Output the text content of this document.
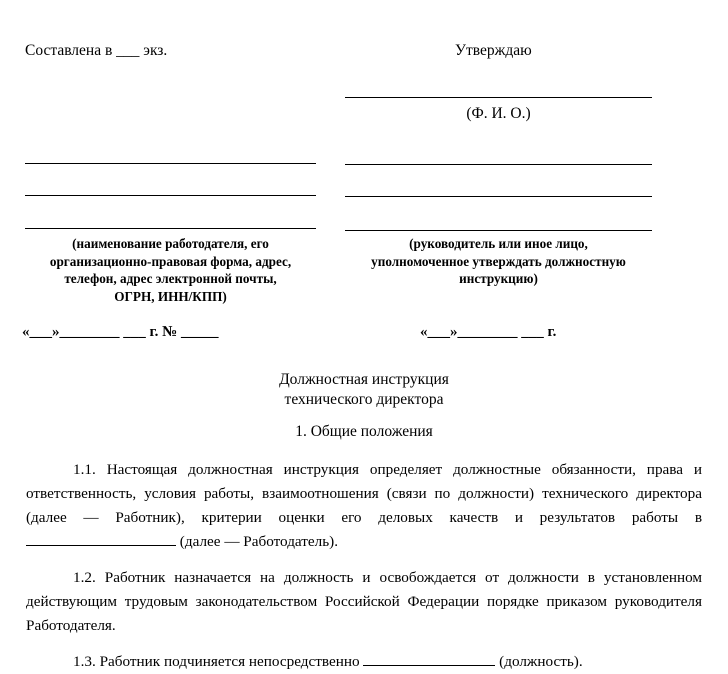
Составлена в ___ экз.	Утверждаю
(Ф. И. О.)
(наименование работодателя, его
организационно-правовая форма, адрес,
телефон, адрес электронной почты,
ОГРН, ИНН/КПП)
(руководитель или иное лицо,
уполномоченное утверждать должностную
инструкцию)
«___»________ ___ г. № _____	«___»________ ___ г.
Должностная инструкция
технического директора
1. Общие положения

1.1. Настоящая должностная инструкция определяет должностные обязанности, права и ответственность, условия работы, взаимоотношения (связи по должности) технического директора (далее — Работник), критерии оценки его деловых качеств и результатов работы в  (далее — Работодатель).

1.2. Работник назначается на должность и освобождается от должности в установленном действующим трудовым законодательством Российской Федерации порядке приказом руководителя Работодателя.

1.3. Работник подчиняется непосредственно	(должность).
